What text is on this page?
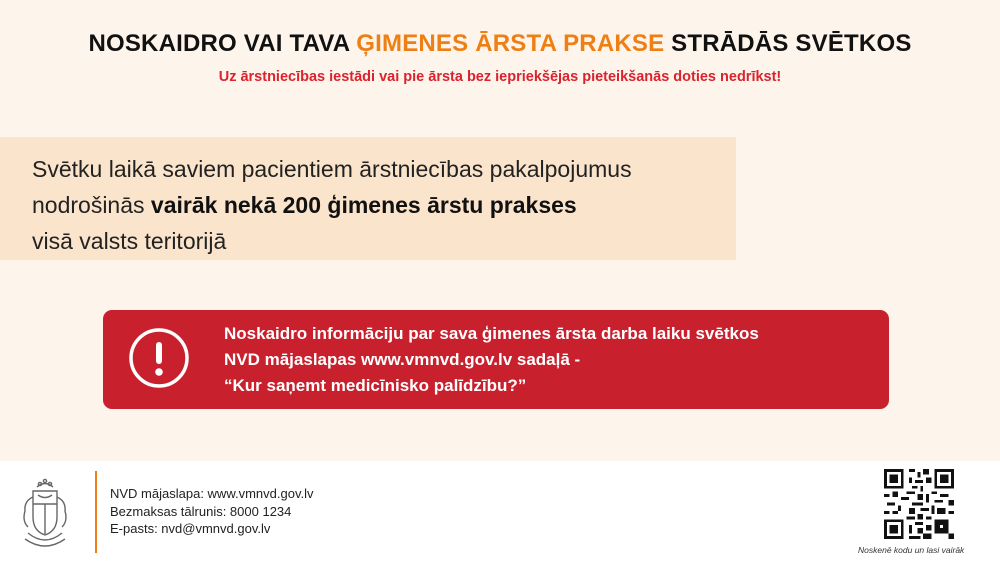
NOSKAIDRO VAI TAVA ĢIMENES ĀRSTA PRAKSE STRĀDĀS SVĒTKOS
Uz ārstniecības iestādi vai pie ārsta bez iepriekšējas pieteikšanās doties nedrīkst!
Svētku laikā saviem pacientiem ārstniecības pakalpojumus
nodrošinās vairāk nekā 200 ģimenes ārstu prakses
visā valsts teritorijā
Noskaidro informāciju par sava ģimenes ārsta darba laiku svētkos
NVD mājaslapas www.vmnvd.gov.lv sadaļā -
“Kur saņemt medicīnisko palīdzību?”
NVD mājaslapa: www.vmnvd.gov.lv
Bezmaksas tālrunis: 8000 1234
E-pasts: nvd@vmnvd.gov.lv
Noskenē kodu un lasi vairāk
